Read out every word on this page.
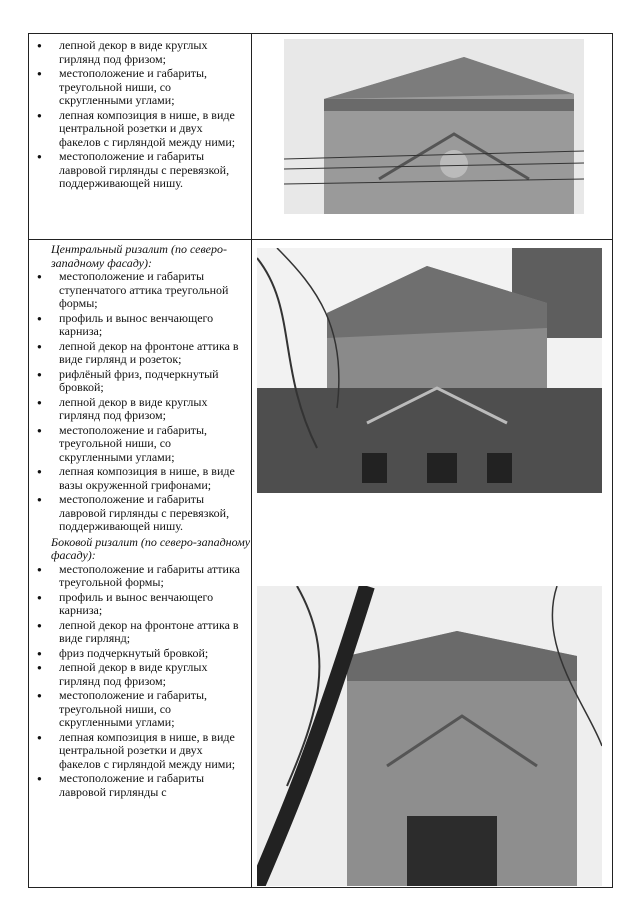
● лепной декор в виде круглых гирлянд под фризом;
● местоположение и габариты, треугольной ниши, со скругленными углами;
● лепная композиция в нише, в виде центральной розетки и двух факелов с гирляндой между ними;
● местоположение и габариты лавровой гирлянды с перевязкой, поддерживающей нишу.
Центральный ризалит (по северо-западному фасаду):
● местоположение и габариты ступенчатого аттика треугольной формы;
● профиль и вынос венчающего карниза;
● лепной декор на фронтоне аттика в виде гирлянд и розеток;
● рифлёный фриз, подчеркнутый бровкой;
● лепной декор в виде круглых гирлянд под фризом;
● местоположение и габариты, треугольной ниши, со скругленными углами;
● лепная композиция в нише, в виде вазы окруженной грифонами;
● местоположение и габариты лавровой гирлянды с перевязкой, поддерживающей нишу.
Боковой ризалит (по северо-западному фасаду):
● местоположение и габариты аттика треугольной формы;
● профиль и вынос венчающего карниза;
● лепной декор на фронтоне аттика в виде гирлянд;
● фриз подчеркнутый бровкой;
● лепной декор в виде круглых гирлянд под фризом;
● местоположение и габариты, треугольной ниши, со скругленными углами;
● лепная композиция в нише, в виде центральной розетки и двух факелов с гирляндой между ними;
● местоположение и габариты лавровой гирлянды с
